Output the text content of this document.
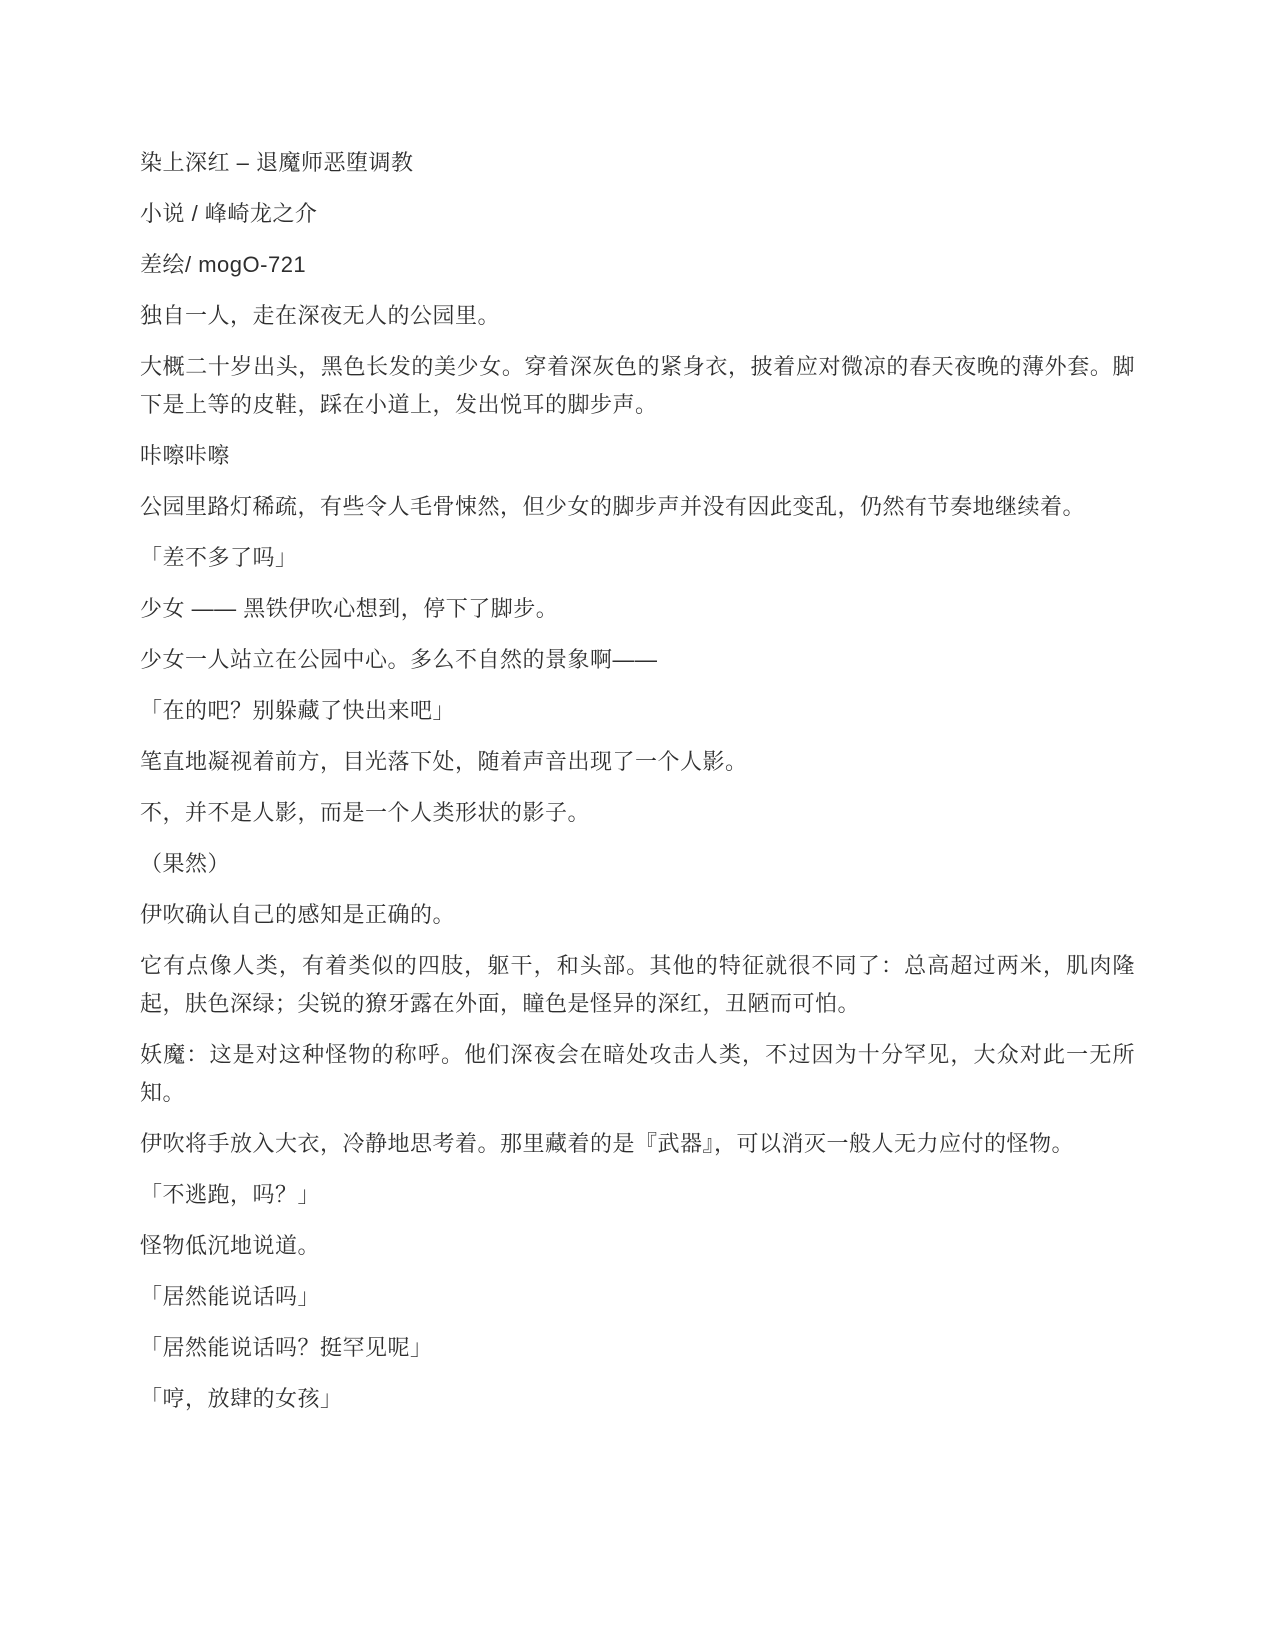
染上深红 – 退魔师恶堕调教

小说 / 峰崎龙之介

差绘/ mogO-721

独自一人，走在深夜无人的公园里。

大概二十岁出头，黑色长发的美少女。穿着深灰色的紧身衣，披着应对微凉的春天夜晚的薄外套。脚下是上等的皮鞋，踩在小道上，发出悦耳的脚步声。

咔嚓咔嚓

公园里路灯稀疏，有些令人毛骨悚然，但少女的脚步声并没有因此变乱，仍然有节奏地继续着。

「差不多了吗」

少女 —— 黑铁伊吹心想到，停下了脚步。

少女一人站立在公园中心。多么不自然的景象啊——

「在的吧？别躲藏了快出来吧」

笔直地凝视着前方，目光落下处，随着声音出现了一个人影。

不，并不是人影，而是一个人类形状的影子。

（果然）

伊吹确认自己的感知是正确的。

它有点像人类，有着类似的四肢，躯干，和头部。其他的特征就很不同了：总高超过两米，肌肉隆起，肤色深绿；尖锐的獠牙露在外面，瞳色是怪异的深红，丑陋而可怕。

妖魔：这是对这种怪物的称呼。他们深夜会在暗处攻击人类，不过因为十分罕见，大众对此一无所知。

伊吹将手放入大衣，冷静地思考着。那里藏着的是『武器』，可以消灭一般人无力应付的怪物。

「不逃跑，吗？」

怪物低沉地说道。

「居然能说话吗」

「居然能说话吗？挺罕见呢」

「哼，放肆的女孩」
